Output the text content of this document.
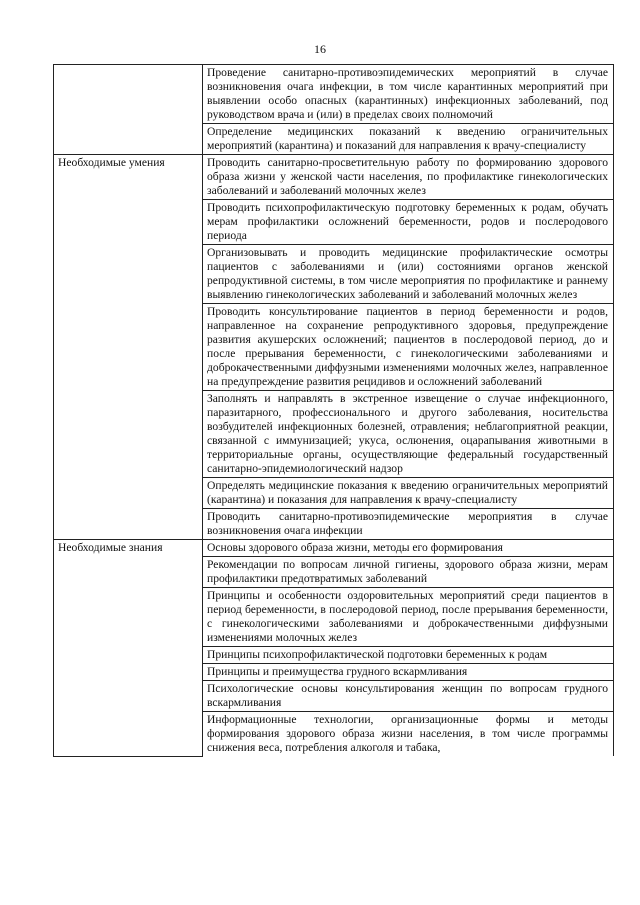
16
	Проведение санитарно-противоэпидемических мероприятий в случае возникновения очага инфекции, в том числе карантинных мероприятий при выявлении особо опасных (карантинных) инфекционных заболеваний, под руководством врача и (или) в пределах своих полномочий
	Определение медицинских показаний к введению ограничительных мероприятий (карантина) и показаний для направления к врачу-специалисту
Необходимые умения	Проводить санитарно-просветительную работу по формированию здорового образа жизни у женской части населения, по профилактике гинекологических заболеваний и заболеваний молочных желез
	Проводить психопрофилактическую подготовку беременных к родам, обучать мерам профилактики осложнений беременности, родов и послеродового периода
	Организовывать и проводить медицинские профилактические осмотры пациентов с заболеваниями и (или) состояниями органов женской репродуктивной системы, в том числе мероприятия по профилактике и раннему выявлению гинекологических заболеваний и заболеваний молочных желез
	Проводить консультирование пациентов в период беременности и родов, направленное на сохранение репродуктивного здоровья, предупреждение развития акушерских осложнений; пациентов в послеродовой период, до и после прерывания беременности, с гинекологическими заболеваниями и доброкачественными диффузными изменениями молочных желез, направленное на предупреждение развития рецидивов и осложнений заболеваний
	Заполнять и направлять в экстренное извещение о случае инфекционного, паразитарного, профессионального и другого заболевания, носительства возбудителей инфекционных болезней, отравления; неблагоприятной реакции, связанной с иммунизацией; укуса, ослюнения, оцарапывания животными в территориальные органы, осуществляющие федеральный государственный санитарно-эпидемиологический надзор
	Определять медицинские показания к введению ограничительных мероприятий (карантина) и показания для направления к врачу-специалисту
	Проводить санитарно-противоэпидемические мероприятия в случае возникновения очага инфекции
Необходимые знания	Основы здорового образа жизни, методы его формирования
	Рекомендации по вопросам личной гигиены, здорового образа жизни, мерам профилактики предотвратимых заболеваний
	Принципы и особенности оздоровительных мероприятий среди пациентов в период беременности, в послеродовой период, после прерывания беременности, с гинекологическими заболеваниями и доброкачественными диффузными изменениями молочных желез
	Принципы психопрофилактической подготовки беременных к родам
	Принципы и преимущества грудного вскармливания
	Психологические основы консультирования женщин по вопросам грудного вскармливания
	Информационные технологии, организационные формы и методы формирования здорового образа жизни населения, в том числе программы снижения веса, потребления алкоголя и табака,
